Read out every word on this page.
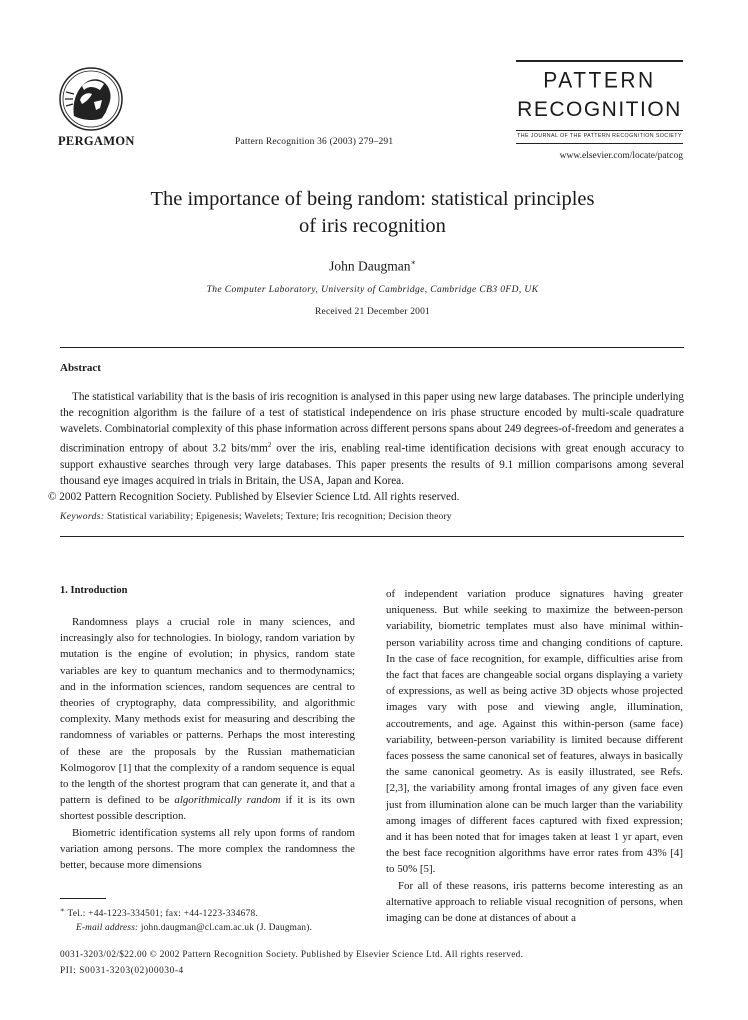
PERGAMON	Pattern Recognition 36 (2003) 279–291
PATTERN
RECOGNITION
THE JOURNAL OF THE PATTERN RECOGNITION SOCIETY
www.elsevier.com/locate/patcog
The importance of being random: statistical principles
of iris recognition
John Daugman∗
The Computer Laboratory, University of Cambridge, Cambridge CB3 0FD, UK
Received 21 December 2001
Abstract
The statistical variability that is the basis of iris recognition is analysed in this paper using new large databases. The principle underlying the recognition algorithm is the failure of a test of statistical independence on iris phase structure encoded by multi-scale quadrature wavelets. Combinatorial complexity of this phase information across different persons spans about 249 degrees-of-freedom and generates a discrimination entropy of about 3.2 bits/$mm^2$ over the iris, enabling real-time identification decisions with great enough accuracy to support exhaustive searches through very large databases. This paper presents the results of 9.1 million comparisons among several thousand eye images acquired in trials in Britain, the USA, Japan and Korea.
© 2002 Pattern Recognition Society. Published by Elsevier Science Ltd. All rights reserved.
Keywords: Statistical variability; Epigenesis; Wavelets; Texture; Iris recognition; Decision theory
1. Introduction

Randomness plays a crucial role in many sciences, and increasingly also for technologies. In biology, random variation by mutation is the engine of evolution; in physics, random state variables are key to quantum mechanics and to thermodynamics; and in the information sciences, random sequences are central to theories of cryptography, data compressibility, and algorithmic complexity. Many methods exist for measuring and describing the randomness of variables or patterns. Perhaps the most interesting of these are the proposals by the Russian mathematician Kolmogorov [1] that the complexity of a random sequence is equal to the length of the shortest program that can generate it, and that a pattern is defined to be algorithmically random if it is its own shortest possible description.

Biometric identification systems all rely upon forms of random variation among persons. The more complex the randomness the better, because more dimensions

of independent variation produce signatures having greater uniqueness. But while seeking to maximize the between-person variability, biometric templates must also have minimal within-person variability across time and changing conditions of capture. In the case of face recognition, for example, difficulties arise from the fact that faces are changeable social organs displaying a variety of expressions, as well as being active 3D objects whose projected images vary with pose and viewing angle, illumination, accoutrements, and age. Against this within-person (same face) variability, between-person variability is limited because different faces possess the same canonical set of features, always in basically the same canonical geometry. As is easily illustrated, see Refs. [2,3], the variability among frontal images of any given face even just from illumination alone can be much larger than the variability among images of different faces captured with fixed expression; and it has been noted that for images taken at least 1 yr apart, even the best face recognition algorithms have error rates from 43% [4] to 50% [5].

For all of these reasons, iris patterns become interesting as an alternative approach to reliable visual recognition of persons, when imaging can be done at distances of about a

∗ Tel.: +44-1223-334501; fax: +44-1223-334678.
E-mail address: john.daugman@cl.cam.ac.uk (J. Daugman).
0031-3203/02/$22.00 © 2002 Pattern Recognition Society. Published by Elsevier Science Ltd. All rights reserved.
PII: S0031-3203(02)00030-4
